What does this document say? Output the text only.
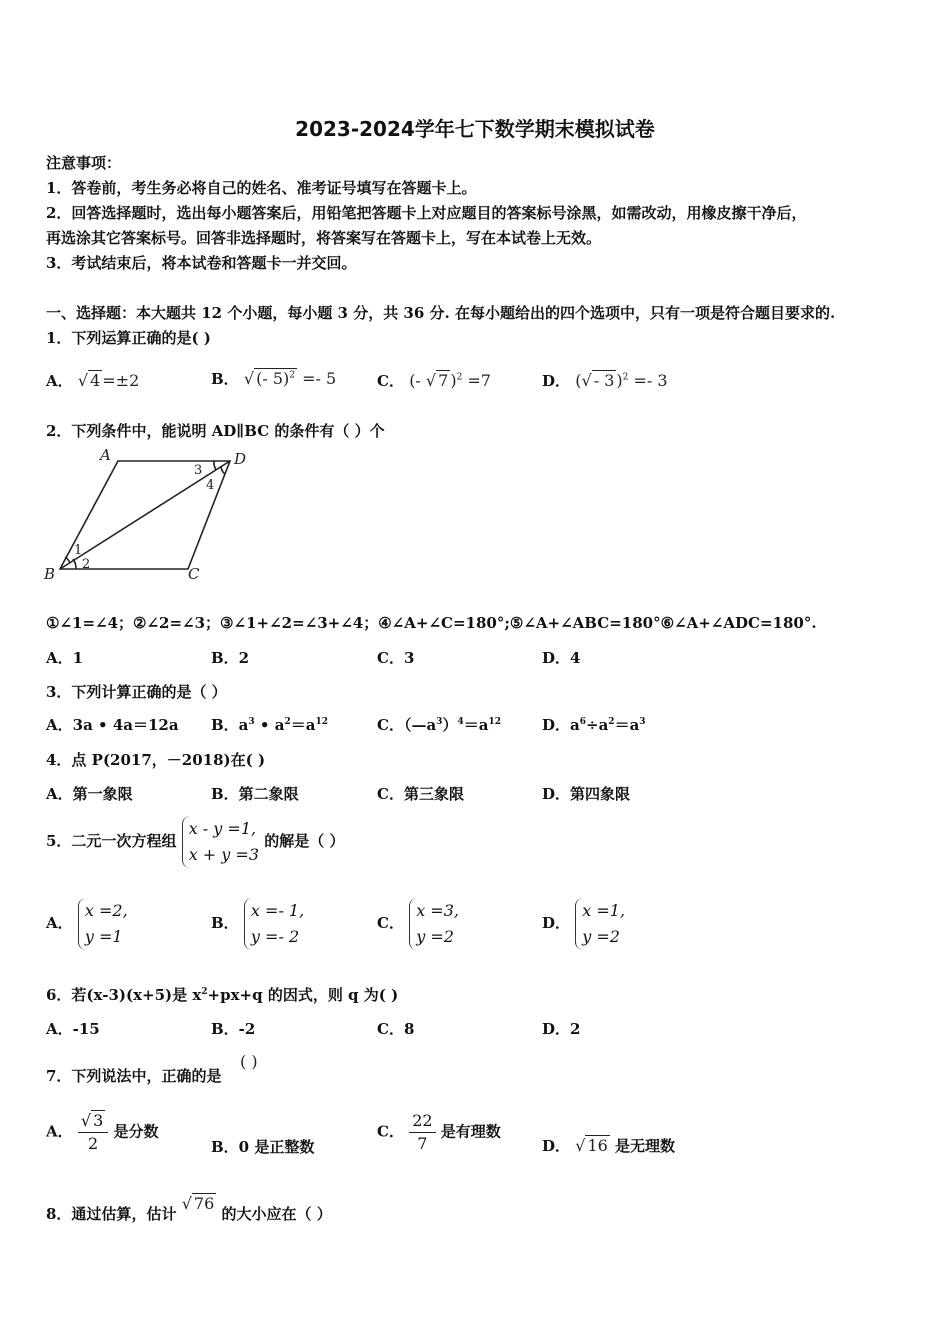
2023-2024学年七下数学期末模拟试卷
注意事项：
1．答卷前，考生务必将自己的姓名、准考证号填写在答题卡上。
2．回答选择题时，选出每小题答案后，用铅笔把答题卡上对应题目的答案标号涂黑，如需改动，用橡皮擦干净后，
再选涂其它答案标号。回答非选择题时，将答案写在答题卡上，写在本试卷上无效。
3．考试结束后，将本试卷和答题卡一并交回。
一、选择题：本大题共 12 个小题，每小题 3 分，共 36 分. 在每小题给出的四个选项中，只有一项是符合题目要求的.
1．下列运算正确的是( )
A． √ 4 =±2	B． √ (- 5)$^2$ =- 5	C． (- √ 7 )$^2$ =7	D． (√ - 3 )$^2$ =- 3
2．下列条件中，能说明 AD∥BC 的条件有（ ）个
A	D
B	C
1
2
3
4
①∠1=∠4；②∠2=∠3；③∠1+∠2=∠3+∠4；④∠A+∠C=180°;⑤∠A+∠ABC=180°⑥∠A+∠ADC=180°.
A．1	B．2	C．3	D．4
3．下列计算正确的是（ ）
A．3a • 4a＝12a B．$a^3$ • $a^2=a^{12}$	C．$(—a^3)^4=a^{12}$	D．$a^6\div a^2=a^3$
4．点 P(2017，－2018)在( )
A．第一象限	B．第二象限	C．第三象限	D．第四象限
5．二元一次方程组
x - y =1,
x + y =3
的解是（ ）
A．
x =2,
y =1
B．
x =- 1,
y =- 2
C．
x =3,
y =2
D．
x =1,
y =2
6．若(x-3)(x+5)是 $x^2+px+q$ 的因式，则 q 为( )
A．-15	B．-2	C．8	D．2
7．下列说法中，正确的是
( )
A． $\frac{√ 3}{2}$ 是分数
B．0 是正整数
C． $\frac{22}{7}$ 是有理数
D． √ 16 是无理数
8．通过估算，估计 √ 76 的大小应在（ ）
